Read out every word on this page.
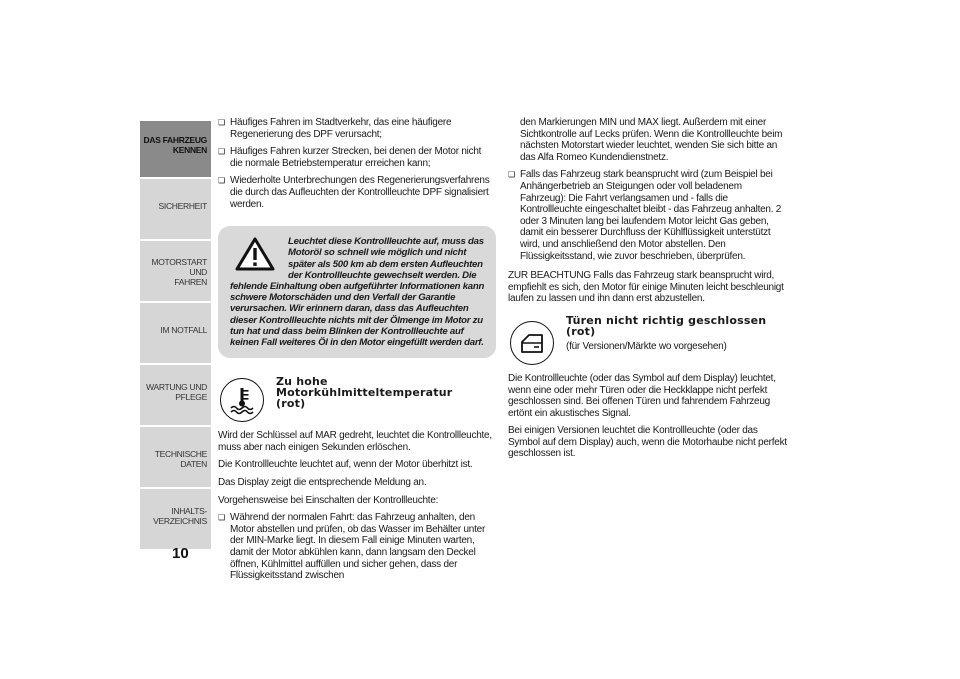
DAS FAHRZEUG
KENNEN
SICHERHEIT

MOTORSTART UND
FAHREN
IM NOTFALL

WARTUNG UND
PFLEGE
TECHNISCHE DATEN

INHALTS-
VERZEICHNIS
10
❏ Häufiges Fahren im Stadtverkehr, das eine häufigere Regenerierung des DPF verursacht;
❏ Häufiges Fahren kurzer Strecken, bei denen der Motor nicht die normale Betriebstemperatur erreichen kann;
❏ Wiederholte Unterbrechungen des Regenerierungsverfahrens die durch das Aufleuchten der Kontrollleuchte DPF signalisiert werden.
Leuchtet diese Kontrollleuchte auf, muss das Motoröl so schnell wie möglich und nicht später als 500 km ab dem ersten Aufleuchten der Kontrollleuchte gewechselt werden. Die fehlende Einhaltung oben aufgeführter Informationen kann schwere Motorschäden und den Verfall der Garantie verursachen. Wir erinnern daran, dass das Aufleuchten dieser Kontrollleuchte nichts mit der Ölmenge im Motor zu tun hat und dass beim Blinken der Kontrollleuchte auf keinen Fall weiteres Öl in den Motor eingefüllt werden darf.
Zu hohe
Motorkühlmitteltemperatur
(rot)

Wird der Schlüssel auf MAR gedreht, leuchtet die Kontrollleuchte, muss aber nach einigen Sekunden erlöschen.

Die Kontrollleuchte leuchtet auf, wenn der Motor überhitzt ist.

Das Display zeigt die entsprechende Meldung an.

Vorgehensweise bei Einschalten der Kontrollleuchte:

❏ Während der normalen Fahrt: das Fahrzeug anhalten, den Motor abstellen und prüfen, ob das Wasser im Behälter unter der MIN-Marke liegt. In diesem Fall einige Minuten warten, damit der Motor abkühlen kann, dann langsam den Deckel öffnen, Kühlmittel auffüllen und sicher gehen, dass der Flüssigkeitsstand zwischen

den Markierungen MIN und MAX liegt. Außerdem mit einer Sichtkontrolle auf Lecks prüfen. Wenn die Kontrollleuchte beim nächsten Motorstart wieder leuchtet, wenden Sie sich bitte an das Alfa Romeo Kundendienstnetz.

❏ Falls das Fahrzeug stark beansprucht wird (zum Beispiel bei Anhängerbetrieb an Steigungen oder voll beladenem Fahrzeug): Die Fahrt verlangsamen und - falls die Kontrollleuchte eingeschaltet bleibt - das Fahrzeug anhalten. 2 oder 3 Minuten lang bei laufendem Motor leicht Gas geben, damit ein besserer Durchfluss der Kühlflüssigkeit unterstützt wird, und anschließend den Motor abstellen. Den Flüssigkeitsstand, wie zuvor beschrieben, überprüfen.

ZUR BEACHTUNG Falls das Fahrzeug stark beansprucht wird, empfiehlt es sich, den Motor für einige Minuten leicht beschleunigt laufen zu lassen und ihn dann erst abzustellen.

Türen nicht richtig geschlossen
(rot)
(für Versionen/Märkte wo vorgesehen)

Die Kontrollleuchte (oder das Symbol auf dem Display) leuchtet, wenn eine oder mehr Türen oder die Heckklappe nicht perfekt geschlossen sind. Bei offenen Türen und fahrendem Fahrzeug ertönt ein akustisches Signal.

Bei einigen Versionen leuchtet die Kontrollleuchte (oder das Symbol auf dem Display) auch, wenn die Motorhaube nicht perfekt geschlossen ist.
